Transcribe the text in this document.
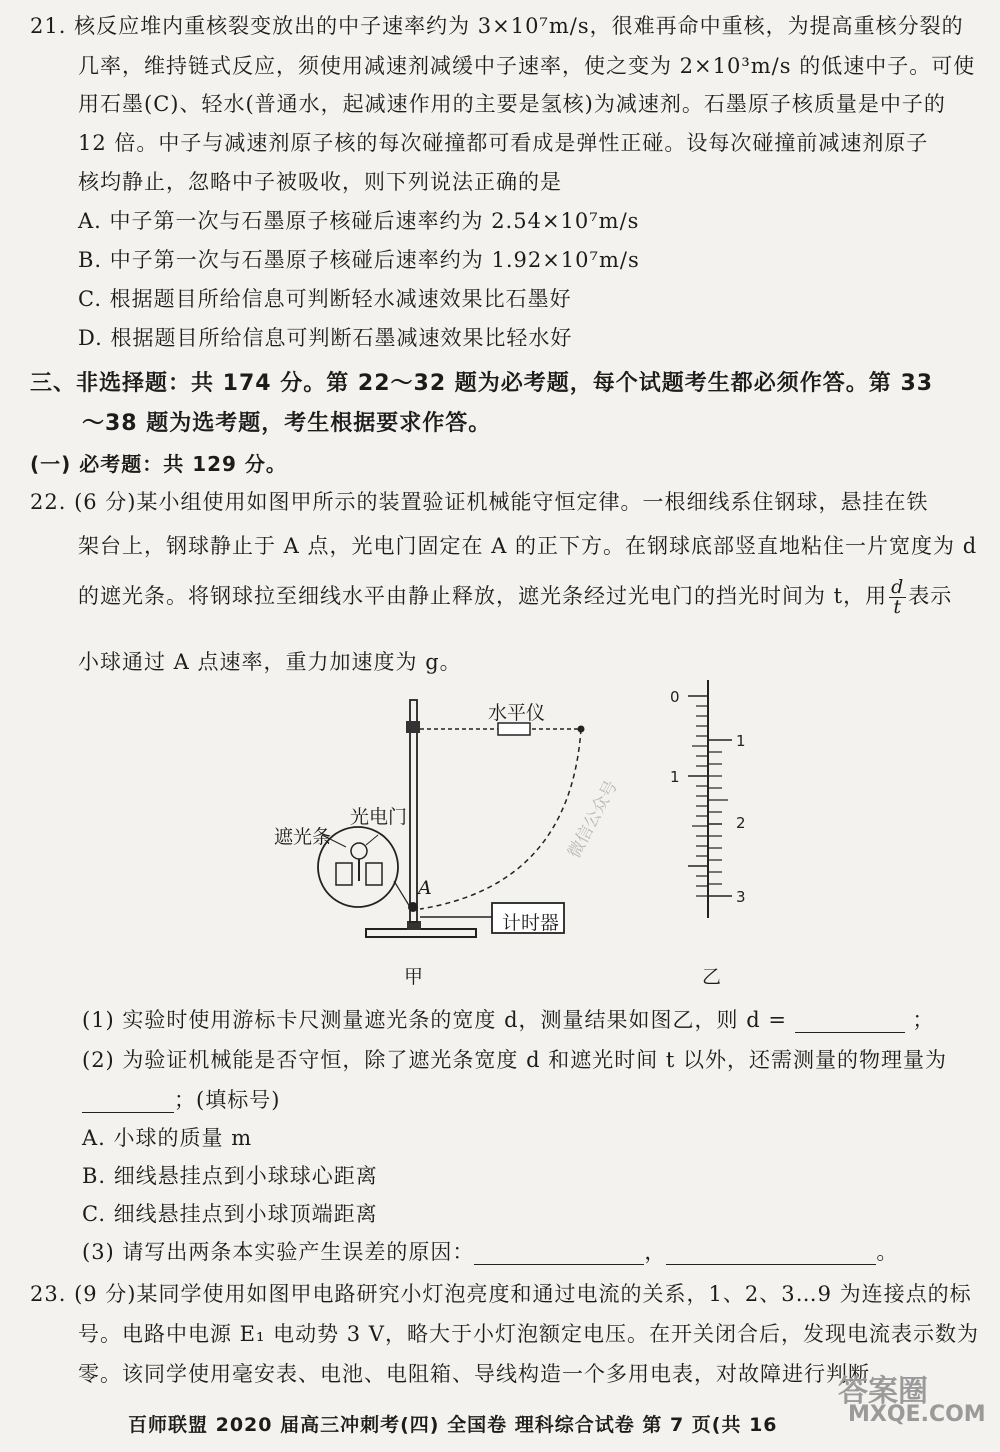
21. 核反应堆内重核裂变放出的中子速率约为 3×10⁷m/s，很难再命中重核，为提高重核分裂的
几率，维持链式反应，须使用减速剂减缓中子速率，使之变为 2×10³m/s 的低速中子。可使
用石墨(C)、轻水(普通水，起减速作用的主要是氢核)为减速剂。石墨原子核质量是中子的
12 倍。中子与减速剂原子核的每次碰撞都可看成是弹性正碰。设每次碰撞前减速剂原子
核均静止，忽略中子被吸收，则下列说法正确的是
A. 中子第一次与石墨原子核碰后速率约为 2.54×10⁷m/s
B. 中子第一次与石墨原子核碰后速率约为 1.92×10⁷m/s
C. 根据题目所给信息可判断轻水减速效果比石墨好
D. 根据题目所给信息可判断石墨减速效果比轻水好
三、非选择题：共 174 分。第 22～32 题为必考题，每个试题考生都必须作答。第 33
～38 题为选考题，考生根据要求作答。
(一) 必考题：共 129 分。
22. (6 分)某小组使用如图甲所示的装置验证机械能守恒定律。一根细线系住钢球，悬挂在铁
架台上，钢球静止于 A 点，光电门固定在 A 的正下方。在钢球底部竖直地粘住一片宽度为 d
的遮光条。将钢球拉至细线水平由静止释放，遮光条经过光电门的挡光时间为 t，用 $\frac{d}{t}$ 表示
小球通过 A 点速率，重力加速度为 g。
水平仪
遮光条
光电门
A
计时器
甲
0
1
1
2
3
乙
(1) 实验时使用游标卡尺测量遮光条的宽度 d，测量结果如图乙，则 d =	；
(2) 为验证机械能是否守恒，除了遮光条宽度 d 和遮光时间 t 以外，还需测量的物理量为
；(填标号)
A. 小球的质量 m
B. 细线悬挂点到小球球心距离
C. 细线悬挂点到小球顶端距离
(3) 请写出两条本实验产生误差的原因：	，	。
23. (9 分)某同学使用如图甲电路研究小灯泡亮度和通过电流的关系，1、2、3…9 为连接点的标
号。电路中电源 E₁ 电动势 3 V，略大于小灯泡额定电压。在开关闭合后，发现电流表示数为
零。该同学使用毫安表、电池、电阻箱、导线构造一个多用电表，对故障进行判断
百师联盟 2020 届高三冲刺考(四) 全国卷 理科综合试卷 第 7 页(共 16
微信公众号
答案圈
MXQE.COM
